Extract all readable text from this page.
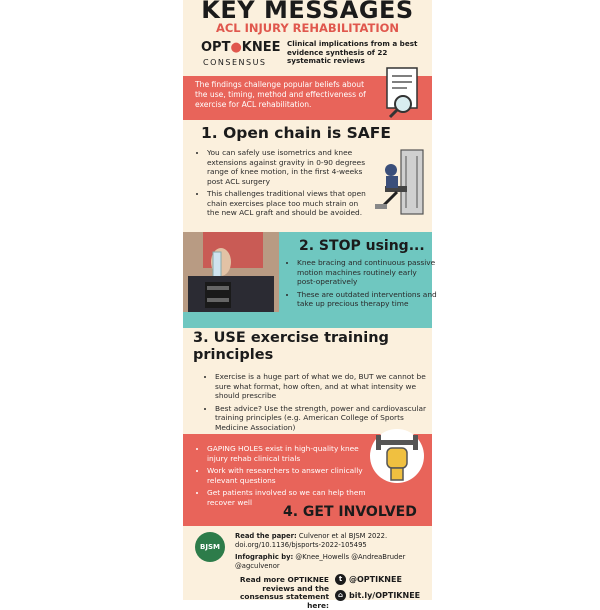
KEY MESSAGES
ACL INJURY REHABILITATION
OPT●KNEE
CONSENSUS
Clinical implications from a best evidence synthesis of 22 systematic reviews
The findings challenge popular beliefs about the use, timing, method and effectiveness of exercise for ACL rehabilitation.
1. Open chain is SAFE
• You can safely use isometrics and knee extensions against gravity in 0-90 degrees range of knee motion, in the first 4-weeks post ACL surgery
• This challenges traditional views that open chain exercises place too much strain on the new ACL graft and should be avoided.
2. STOP using...
• Knee bracing and continuous passive motion machines routinely early post-operatively
• These are outdated interventions and take up precious therapy time
3. USE exercise training principles
• Exercise is a huge part of what we do, BUT we cannot be sure what format, how often, and at what intensity we should prescribe
• Best advice? Use the strength, power and cardiovascular training principles (e.g. American College of Sports Medicine Association)
• GAPING HOLES exist in high-quality knee injury rehab clinical trials
• Work with researchers to answer clinically relevant questions
• Get patients involved so we can help them recover well
4. GET INVOLVED
BJSM
Read the paper: Culvenor et al BJSM 2022. doi.org/10.1136/bjsports-2022-105495
Infographic by: @Knee_Howells @AndreaBruder @agculvenor
Read more OPTIKNEE reviews and the consensus statement here:
t @OPTIKNEE
⌂ bit.ly/OPTIKNEE
